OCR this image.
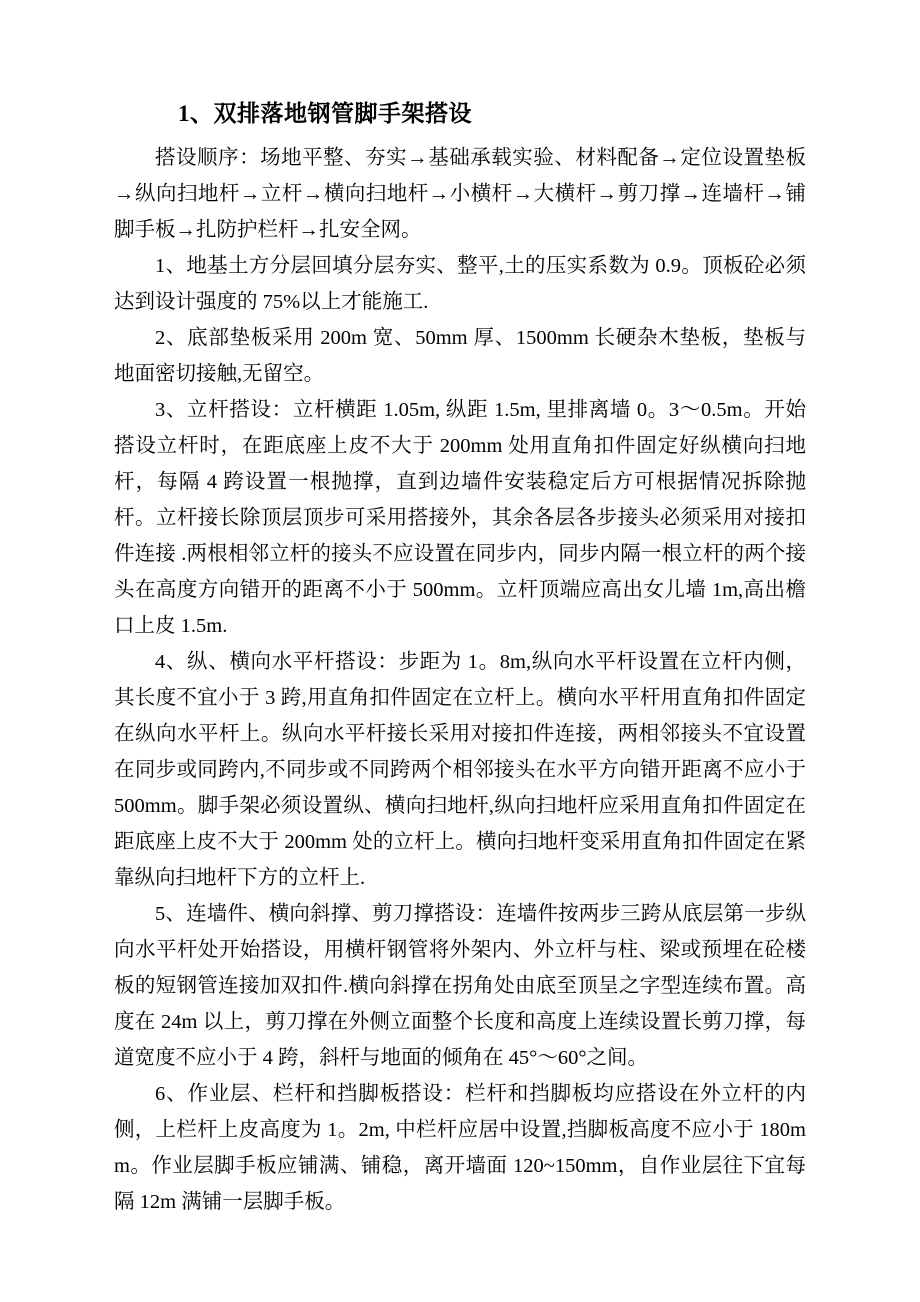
1、双排落地钢管脚手架搭设

搭设顺序：场地平整、夯实→基础承载实验、材料配备→定位设置垫板→纵向扫地杆→立杆→横向扫地杆→小横杆→大横杆→剪刀撑→连墙杆→铺脚手板→扎防护栏杆→扎安全网。

1、地基土方分层回填分层夯实、整平,土的压实系数为 0.9。顶板砼必须达到设计强度的 75%以上才能施工.

2、底部垫板采用 200m 宽、50mm 厚、1500mm 长硬杂木垫板，垫板与地面密切接触,无留空。

3、立杆搭设：立杆横距 1.05m, 纵距 1.5m, 里排离墙 0。3～0.5m。开始搭设立杆时，在距底座上皮不大于 200mm 处用直角扣件固定好纵横向扫地杆，每隔 4 跨设置一根抛撑，直到边墙件安装稳定后方可根据情况拆除抛杆。立杆接长除顶层顶步可采用搭接外，其余各层各步接头必须采用对接扣件连接 .两根相邻立杆的接头不应设置在同步内，同步内隔一根立杆的两个接头在高度方向错开的距离不小于 500mm。立杆顶端应高出女儿墙 1m,高出檐口上皮 1.5m.

4、纵、横向水平杆搭设：步距为 1。8m,纵向水平杆设置在立杆内侧，其长度不宜小于 3 跨,用直角扣件固定在立杆上。横向水平杆用直角扣件固定在纵向水平杆上。纵向水平杆接长采用对接扣件连接，两相邻接头不宜设置在同步或同跨内,不同步或不同跨两个相邻接头在水平方向错开距离不应小于 500mm。脚手架必须设置纵、横向扫地杆,纵向扫地杆应采用直角扣件固定在距底座上皮不大于 200mm 处的立杆上。横向扫地杆变采用直角扣件固定在紧靠纵向扫地杆下方的立杆上.

5、连墙件、横向斜撑、剪刀撑搭设：连墙件按两步三跨从底层第一步纵向水平杆处开始搭设，用横杆钢管将外架内、外立杆与柱、梁或预埋在砼楼板的短钢管连接加双扣件.横向斜撑在拐角处由底至顶呈之字型连续布置。高度在 24m 以上，剪刀撑在外侧立面整个长度和高度上连续设置长剪刀撑，每道宽度不应小于 4 跨，斜杆与地面的倾角在 45°～60°之间。

6、作业层、栏杆和挡脚板搭设：栏杆和挡脚板均应搭设在外立杆的内侧，上栏杆上皮高度为 1。2m, 中栏杆应居中设置,挡脚板高度不应小于 180mm。作业层脚手板应铺满、铺稳，离开墙面 120~150mm，自作业层往下宜每隔 12m 满铺一层脚手板。
